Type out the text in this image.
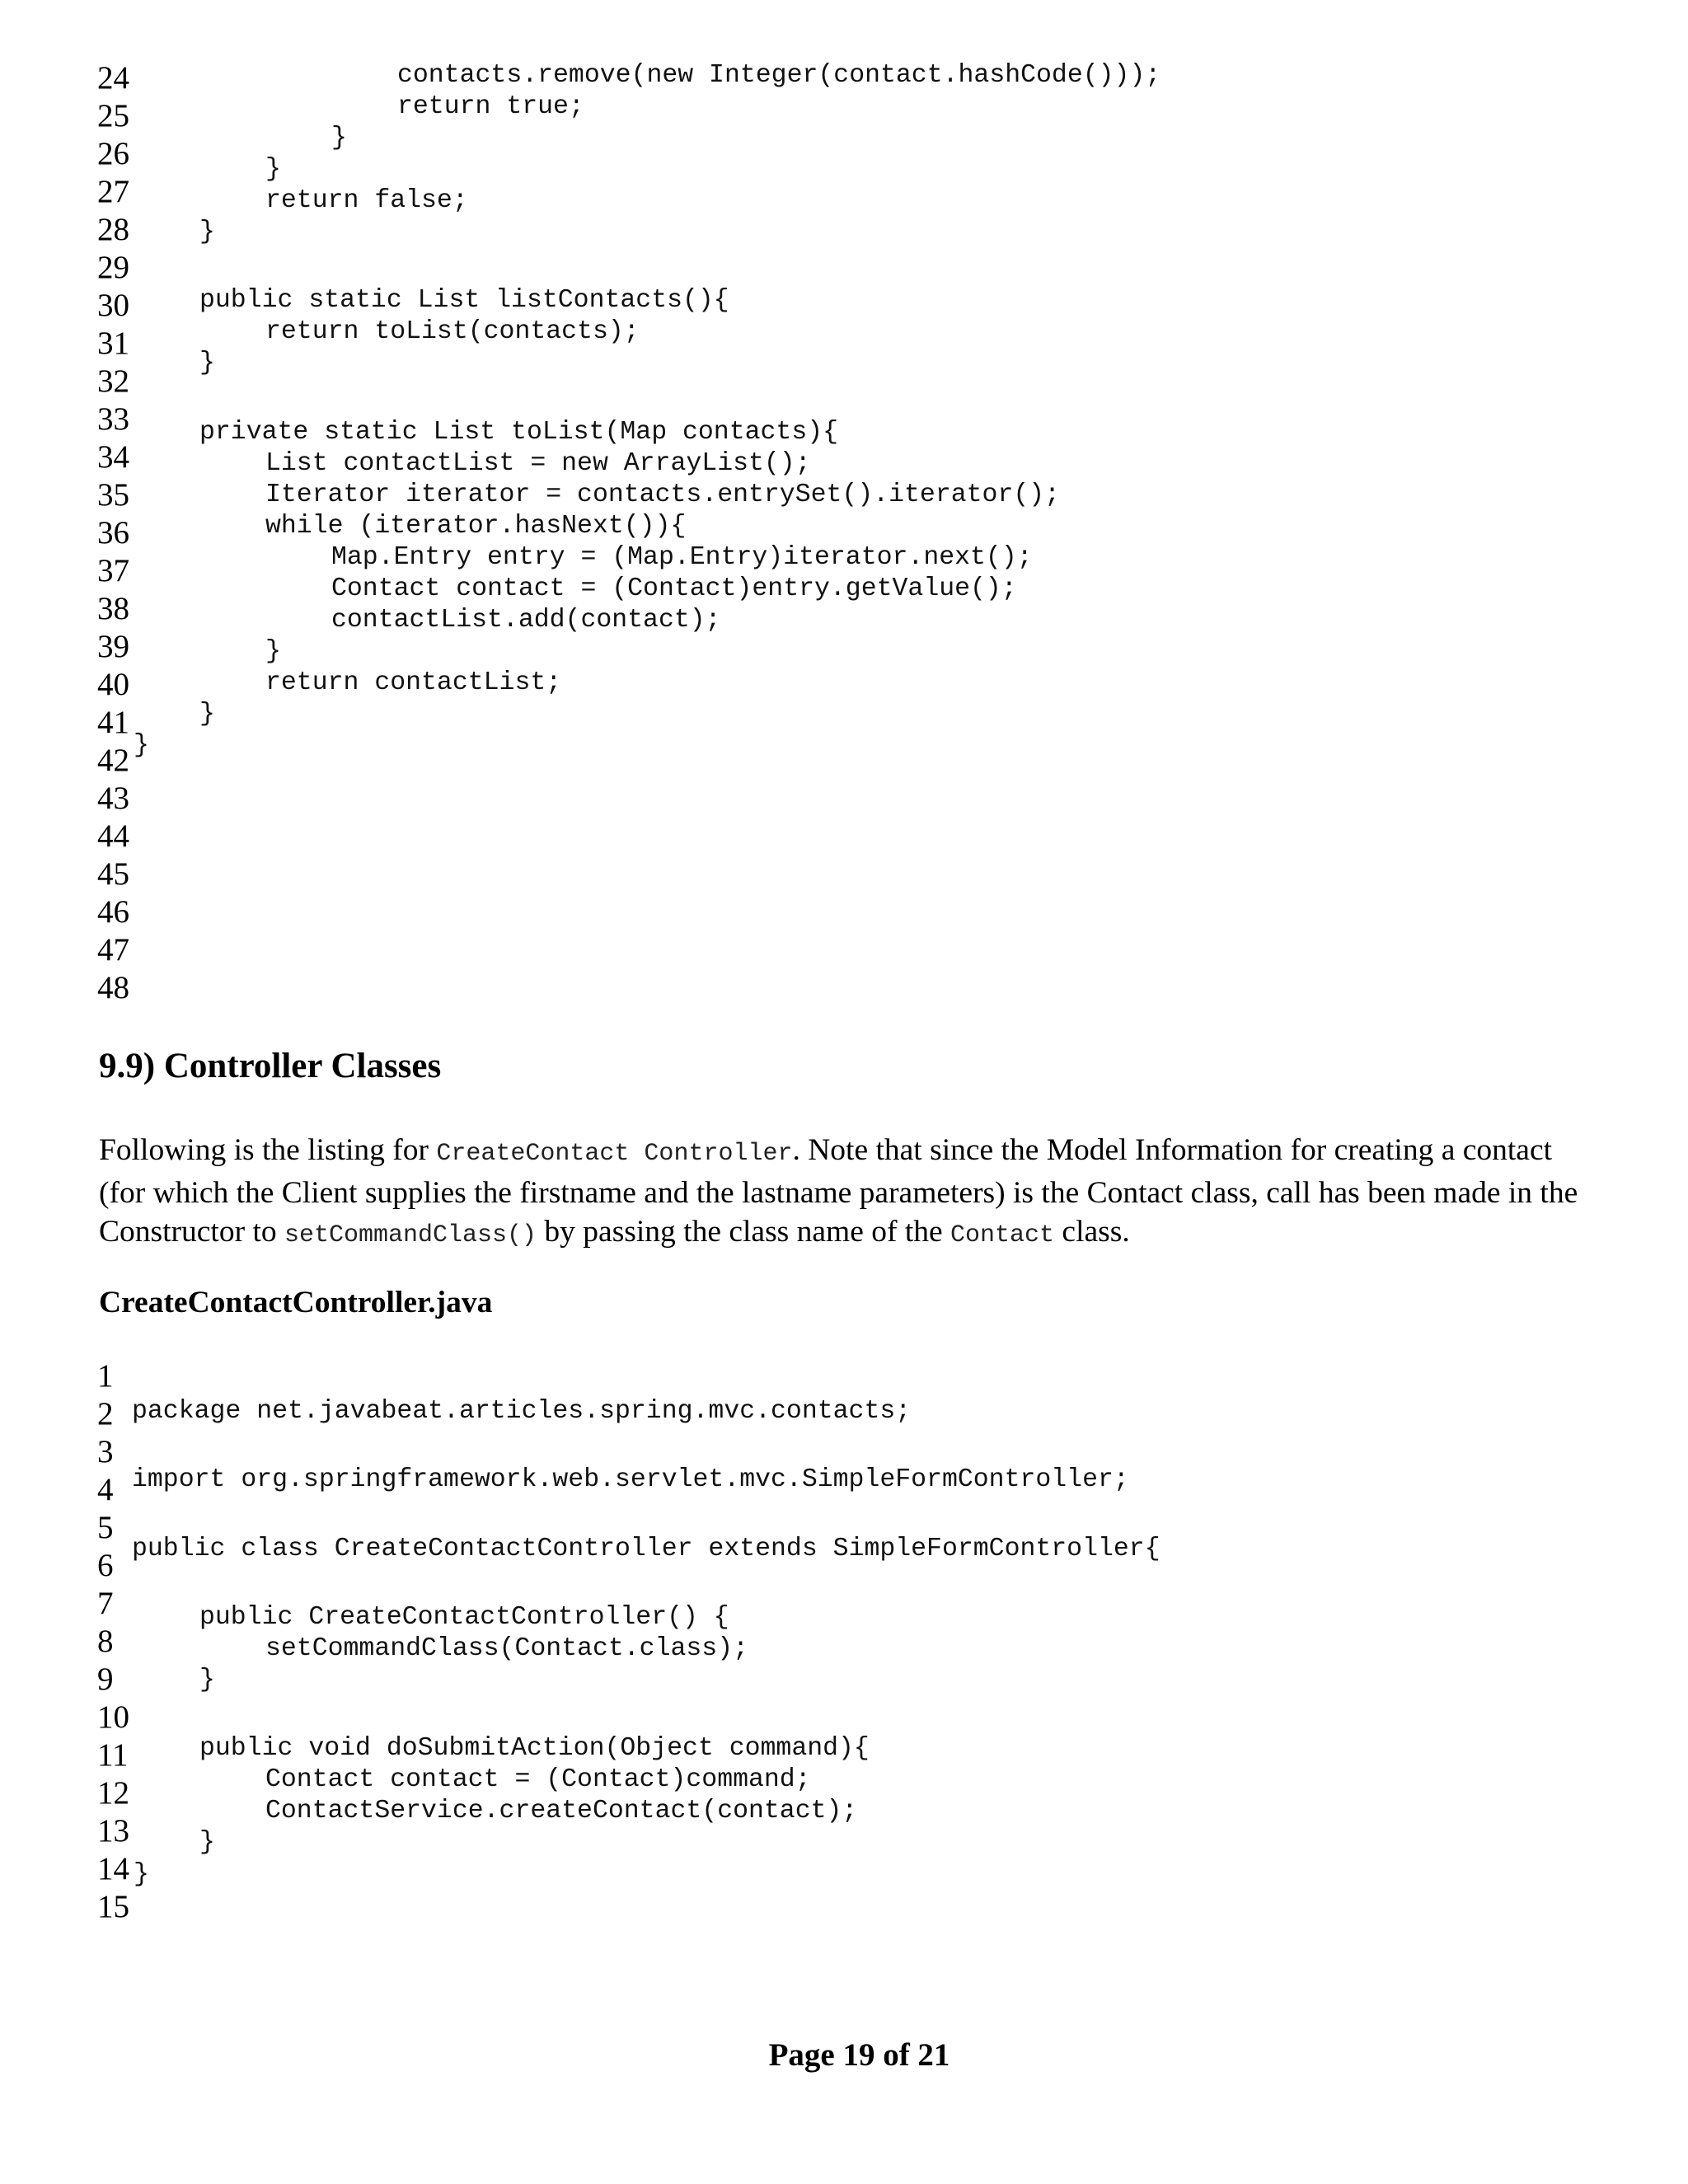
24
25
26
27
28
29
30
31
32
33
34
35
36
37
38
39
40
41
42
43
44
45
46
47
48
contacts.remove(new Integer(contact.hashCode()));
return true;
}
}
return false;
}
public static List listContacts(){
return toList(contacts);
}
private static List toList(Map contacts){
List contactList = new ArrayList();
Iterator iterator = contacts.entrySet().iterator();
while (iterator.hasNext()){
Map.Entry entry = (Map.Entry)iterator.next();
Contact contact = (Contact)entry.getValue();
contactList.add(contact);
}
return contactList;
}
}
9.9) Controller Classes
Following is the listing for CreateContact Controller. Note that since the Model Information for creating a contact (for which the Client supplies the firstname and the lastname parameters) is the Contact class, call has been made in the Constructor to setCommandClass() by passing the class name of the Contact class.
CreateContactController.java
1
2
3
4
5
6
7
8
9
10
11
12
13
14
15
package net.javabeat.articles.spring.mvc.contacts;
import org.springframework.web.servlet.mvc.SimpleFormController;
public class CreateContactController extends SimpleFormController{
public CreateContactController() {
setCommandClass(Contact.class);
}
public void doSubmitAction(Object command){
Contact contact = (Contact)command;
ContactService.createContact(contact);
}
}
Page 19 of 21
